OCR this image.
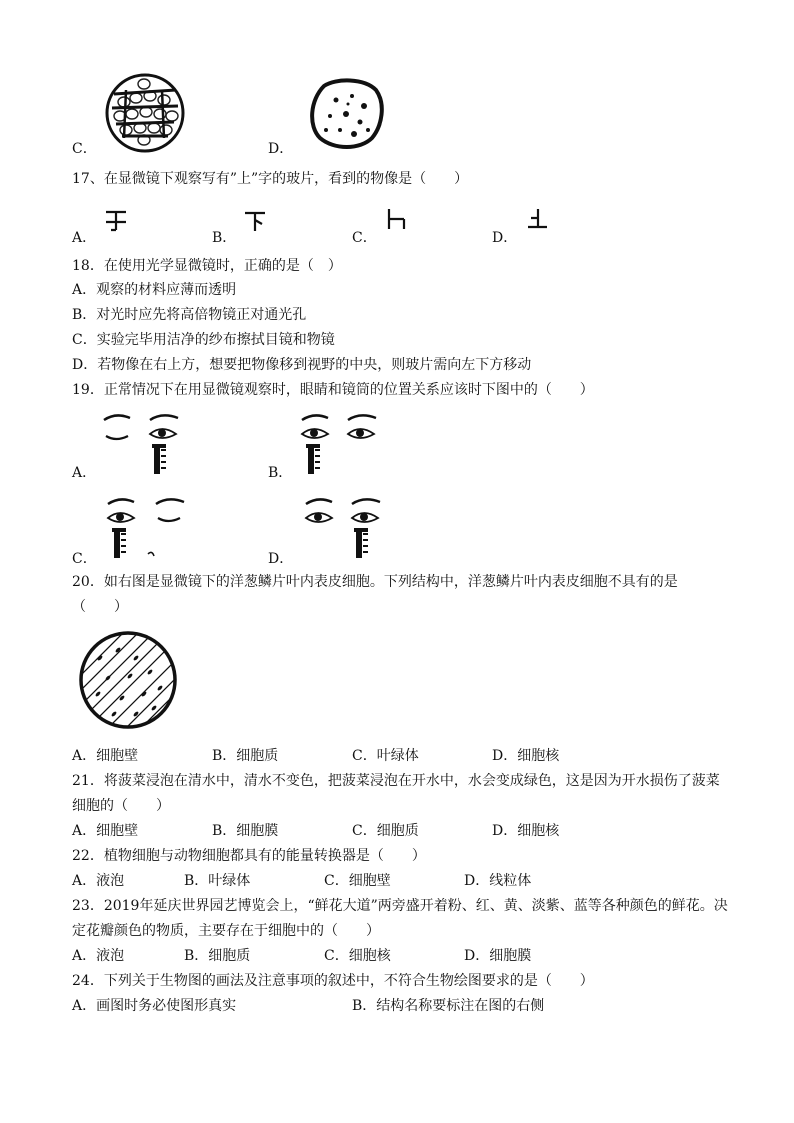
C．	D．
17、在显微镜下观察写有”上”字的玻片，看到的物像是（　　）
A．	B．	C．	D．
18．在使用光学显微镜时，正确的是（　）
A．观察的材料应薄而透明
B．对光时应先将高倍物镜正对通光孔
C．实验完毕用洁净的纱布擦拭目镜和物镜
D．若物像在右上方，想要把物像移到视野的中央，则玻片需向左下方移动
19．正常情况下在用显微镜观察时，眼睛和镜筒的位置关系应该时下图中的（　　）
A．	B．
C．	D．
20．如右图是显微镜下的洋葱鳞片叶内表皮细胞。下列结构中，洋葱鳞片叶内表皮细胞不具有的是
（　　）
A．细胞壁	B．细胞质	C．叶绿体	D．细胞核
21．将菠菜浸泡在清水中，清水不变色，把菠菜浸泡在开水中，水会变成绿色，这是因为开水损伤了菠菜
细胞的（　　）
A．细胞壁	B．细胞膜	C．细胞质	D．细胞核
22．植物细胞与动物细胞都具有的能量转换器是（　　）
A．液泡	B．叶绿体	C．细胞壁	D．线粒体
23．2019年延庆世界园艺博览会上，“鲜花大道”两旁盛开着粉、红、黄、淡紫、蓝等各种颜色的鲜花。决
定花瓣颜色的物质，主要存在于细胞中的（　　）
A．液泡	B．细胞质	C．细胞核	D．细胞膜
24．下列关于生物图的画法及注意事项的叙述中，不符合生物绘图要求的是（　　）
A．画图时务必使图形真实	B．结构名称要标注在图的右侧
